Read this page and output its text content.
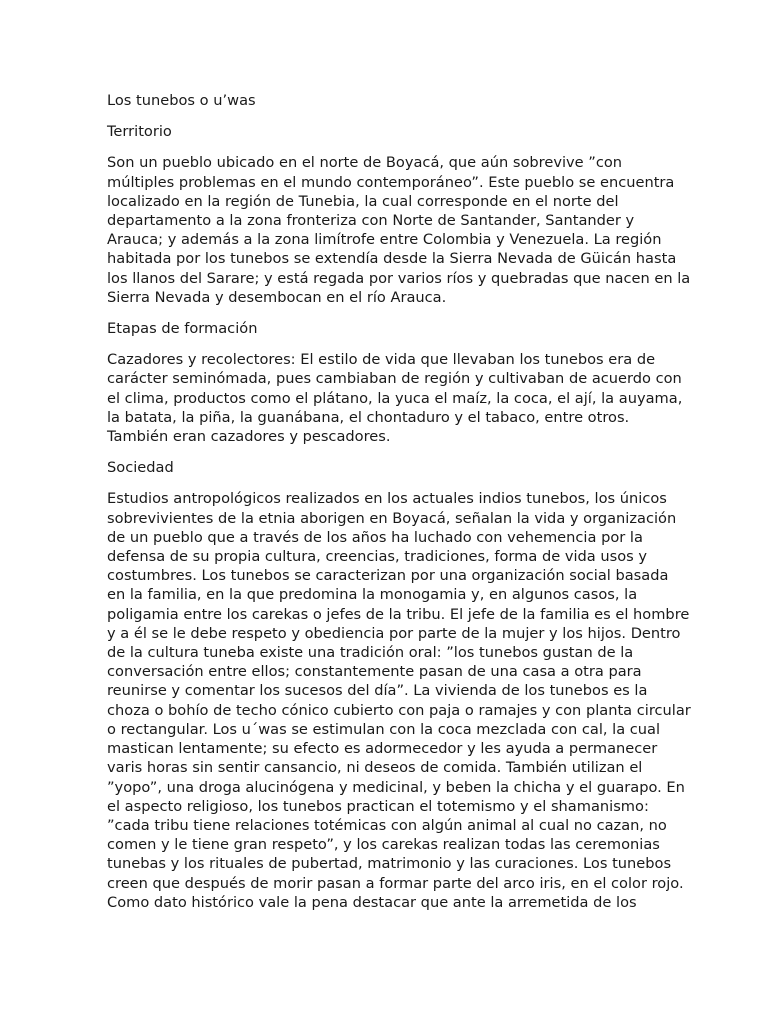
Los tunebos o u’was

Territorio

Son un pueblo ubicado en el norte de Boyacá, que aún sobrevive ”con
múltiples problemas en el mundo contemporáneo”. Este pueblo se encuentra
localizado en la región de Tunebia, la cual corresponde en el norte del
departamento a la zona fronteriza con Norte de Santander, Santander y
Arauca; y además a la zona limítrofe entre Colombia y Venezuela. La región
habitada por los tunebos se extendía desde la Sierra Nevada de Güicán hasta
los llanos del Sarare; y está regada por varios ríos y quebradas que nacen en la
Sierra Nevada y desembocan en el río Arauca.

Etapas de formación

Cazadores y recolectores: El estilo de vida que llevaban los tunebos era de
carácter seminómada, pues cambiaban de región y cultivaban de acuerdo con
el clima, productos como el plátano, la yuca el maíz, la coca, el ají, la auyama,
la batata, la piña, la guanábana, el chontaduro y el tabaco, entre otros.
También eran cazadores y pescadores.

Sociedad

Estudios antropológicos realizados en los actuales indios tunebos, los únicos
sobrevivientes de la etnia aborigen en Boyacá, señalan la vida y organización
de un pueblo que a través de los años ha luchado con vehemencia por la
defensa de su propia cultura, creencias, tradiciones, forma de vida usos y
costumbres. Los tunebos se caracterizan por una organización social basada
en la familia, en la que predomina la monogamia y, en algunos casos, la
poligamia entre los carekas o jefes de la tribu. El jefe de la familia es el hombre
y a él se le debe respeto y obediencia por parte de la mujer y los hijos. Dentro
de la cultura tuneba existe una tradición oral: ”los tunebos gustan de la
conversación entre ellos; constantemente pasan de una casa a otra para
reunirse y comentar los sucesos del día”. La vivienda de los tunebos es la
choza o bohío de techo cónico cubierto con paja o ramajes y con planta circular
o rectangular. Los u´was se estimulan con la coca mezclada con cal, la cual
mastican lentamente; su efecto es adormecedor y les ayuda a permanecer
varis horas sin sentir cansancio, ni deseos de comida. También utilizan el
”yopo”, una droga alucinógena y medicinal, y beben la chicha y el guarapo. En
el aspecto religioso, los tunebos practican el totemismo y el shamanismo:
”cada tribu tiene relaciones totémicas con algún animal al cual no cazan, no
comen y le tiene gran respeto”, y los carekas realizan todas las ceremonias
tunebas y los rituales de pubertad, matrimonio y las curaciones. Los tunebos
creen que después de morir pasan a formar parte del arco iris, en el color rojo.
Como dato histórico vale la pena destacar que ante la arremetida de los
